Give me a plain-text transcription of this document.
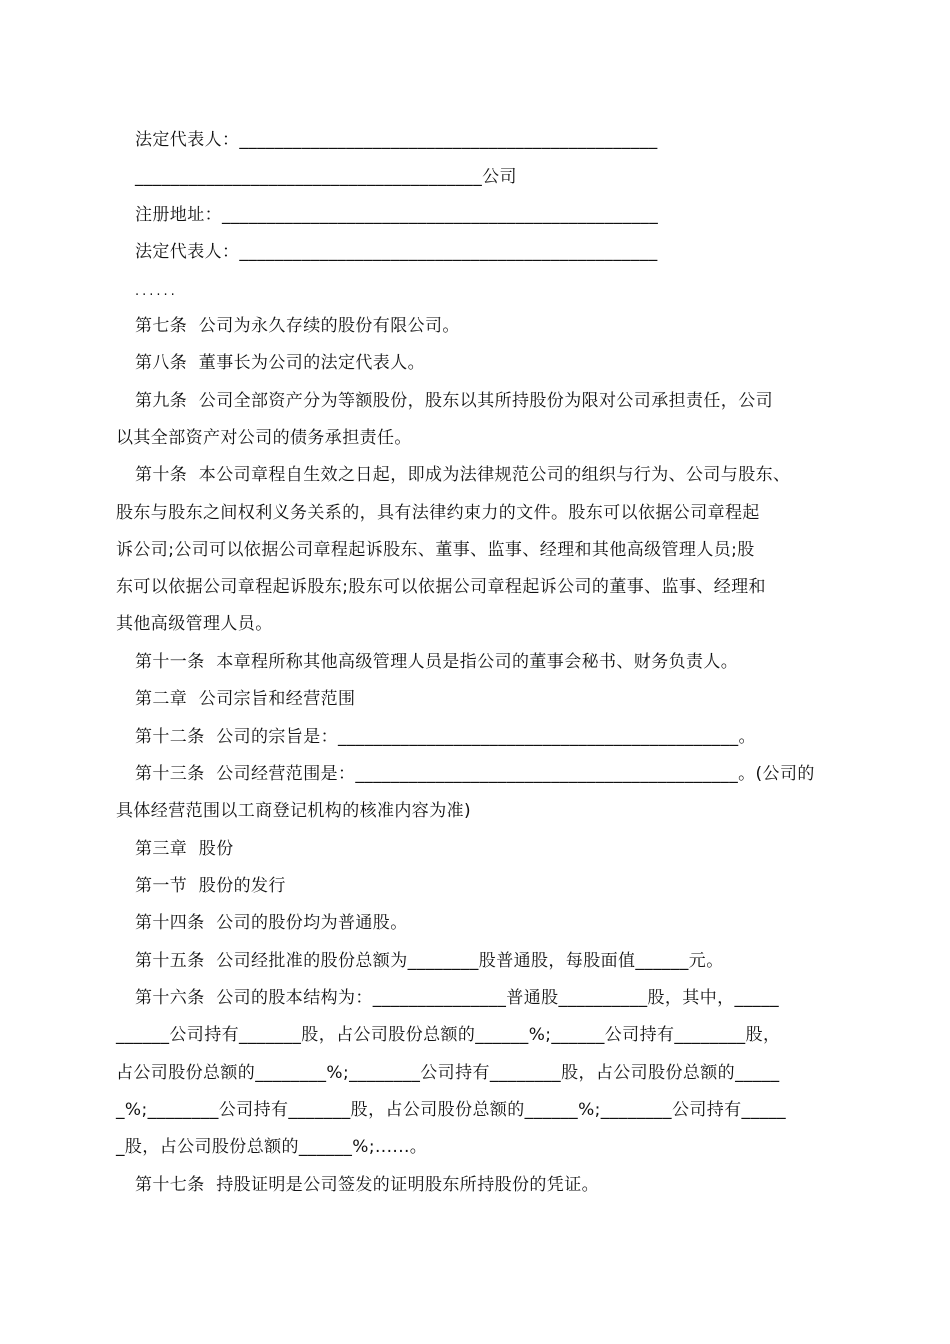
法定代表人：_______________________________________________

_______________________________________公司

注册地址：_________________________________________________

法定代表人：_______________________________________________

......

第七条  公司为永久存续的股份有限公司。

第八条  董事长为公司的法定代表人。

第九条  公司全部资产分为等额股份，股东以其所持股份为限对公司承担责任，公司

以其全部资产对公司的债务承担责任。

第十条  本公司章程自生效之日起，即成为法律规范公司的组织与行为、公司与股东、

股东与股东之间权利义务关系的，具有法律约束力的文件。股东可以依据公司章程起

诉公司;公司可以依据公司章程起诉股东、董事、监事、经理和其他高级管理人员;股

东可以依据公司章程起诉股东;股东可以依据公司章程起诉公司的董事、监事、经理和

其他高级管理人员。

第十一条  本章程所称其他高级管理人员是指公司的董事会秘书、财务负责人。

第二章  公司宗旨和经营范围

第十二条  公司的宗旨是：_____________________________________________。

第十三条  公司经营范围是：___________________________________________。(公司的

具体经营范围以工商登记机构的核准内容为准)

第三章  股份

第一节  股份的发行

第十四条  公司的股份均为普通股。

第十五条  公司经批准的股份总额为________股普通股，每股面值______元。

第十六条  公司的股本结构为：_______________普通股__________股，其中，_____

______公司持有_______股，占公司股份总额的______%;______公司持有________股，

占公司股份总额的________%;________公司持有________股，占公司股份总额的_____

_%;________公司持有_______股，占公司股份总额的______%;________公司持有_____

_股，占公司股份总额的______%;......。

第十七条  持股证明是公司签发的证明股东所持股份的凭证。
